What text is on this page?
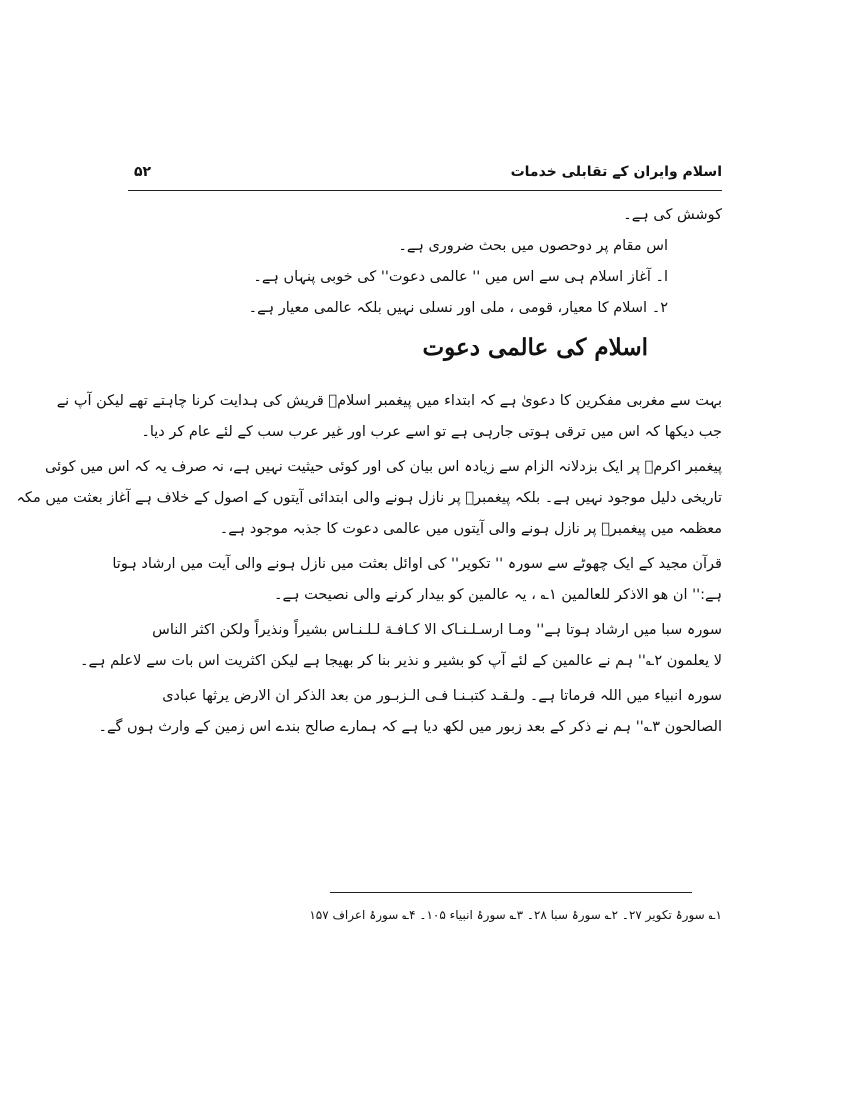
اسلام وایران کے تقابلی خدمات
۵۲
کوشش کی ہے۔
اس مقام پر دوحصوں میں بحث ضروری ہے۔
ا۔ آغاز اسلام ہی سے اس میں '' عالمی دعوت'' کی خوبی پنہاں ہے۔
۲۔ اسلام کا معیار، قومی ، ملی اور نسلی نہیں بلکہ عالمی معیار ہے۔
اسلام کی عالمی دعوت
بہت سے مغربی مفکرین کا دعویٰ ہے کہ ابتداء میں پیغمبر اسلامؐ قریش کی ہدایت کرنا چاہتے تھے لیکن آپ نے
جب دیکھا کہ اس میں ترقی ہوتی جارہی ہے تو اسے عرب اور غیر عرب سب کے لئے عام کر دیا۔
پیغمبر اکرمؐ پر ایک بزدلانہ الزام سے زیادہ اس بیان کی اور کوئی حیثیت نہیں ہے، نہ صرف یہ کہ اس میں کوئی
تاریخی دلیل موجود نہیں ہے۔ بلکہ پیغمبرؐ پر نازل ہونے والی ابتدائی آیتوں کے اصول کے خلاف ہے آغاز بعثت میں مکہ
معظمہ میں پیغمبرؐ پر نازل ہونے والی آیتوں میں عالمی دعوت کا جذبہ موجود ہے۔
قرآن مجید کے ایک چھوٹے سے سورہ '' تکویر'' کی اوائل بعثت میں نازل ہونے والی آیت میں ارشاد ہوتا
ہے:'' ان ھو الاذکر للعالمین ۱؎ ، یہ عالمین کو بیدار کرنے والی نصیحت ہے۔
سورہ سبا میں ارشاد ہوتا ہے'' ومـا ارسـلـنـاک الا کـافـة لـلـنـاس بشیراً ونذیراً ولکن اکثر الناس
لا یعلمون ۲؎'' ہم نے عالمین کے لئے آپ کو بشیر و نذیر بنا کر بھیجا ہے لیکن اکثریت اس بات سے لاعلم ہے۔
سورہ انبیاء میں اللہ فرماتا ہے۔ ولـقـد کتبـنـا فـی الـزبـور من بعد الذکر ان الارض یرثھا عبادی
الصالحون ۳؎'' ہم نے ذکر کے بعد زبور میں لکھ دیا ہے کہ ہمارے صالح بندے اس زمین کے وارث ہوں گے۔
۱؎ سورۂ تکویر ۲۷۔ ۲؎ سورۂ سبا ۲۸۔ ۳؎ سورۂ انبیاء ۱۰۵۔ ۴؎ سورۂ اعراف ۱۵۷
